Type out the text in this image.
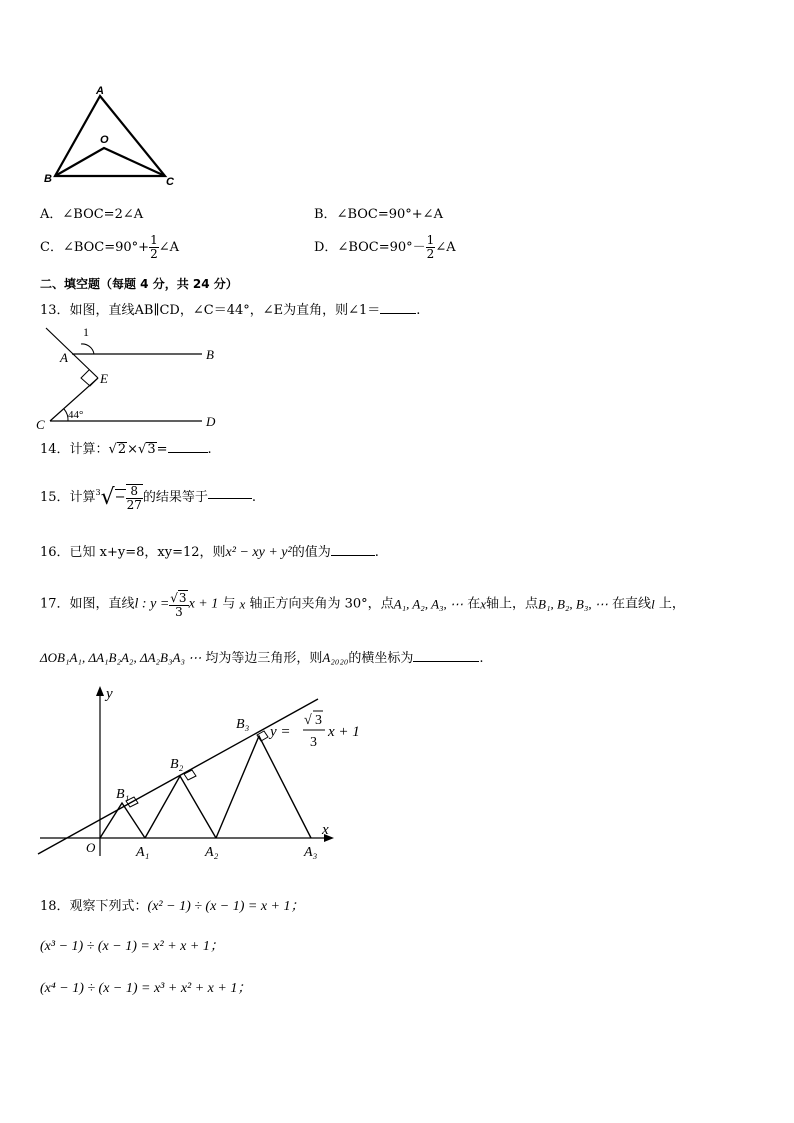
A
O
B	C
A．∠BOC=2∠A	B．∠BOC=90°+∠A
C．∠BOC=90°+ $\frac{1}{2}$ ∠A	D．∠BOC=90°－ $\frac{1}{2}$ ∠A
二、填空题（每题 4 分，共 24 分）
13．如图，直线AB∥CD，∠C＝44°，∠E为直角，则∠1＝	.
1
A	B
E
C	D
44°
14．计算：√2×√3=	.
15．计算$^3√- \frac{8}{27}$ 的结果等于	.
16．已知 x+y=8，xy=12，则x² − xy + y²的值为	.
17．如图，直线l : $y = \frac{√3}{3}$ x + 1 与 x 轴正方向夹角为 30°，点A₁, A₂, A₃, ⋯ 在x轴上，点B₁, B₂, B₃, ⋯ 在直线l 上，
ΔOB₁A₁, ΔA₁B₂A₂, ΔA₂B₃A₃ ⋯ 均为等边三角形，则A₂₀₂₀的横坐标为	.
y
x
O	A₁	A₂	A₃
B₁
B₂
B₃ y =
√ 3
3
x + 1
18．观察下列式：(x² − 1) ÷ (x − 1) = x + 1；
(x³ − 1) ÷ (x − 1) = x² + x + 1；
(x⁴ − 1) ÷ (x − 1) = x³ + x² + x + 1；
